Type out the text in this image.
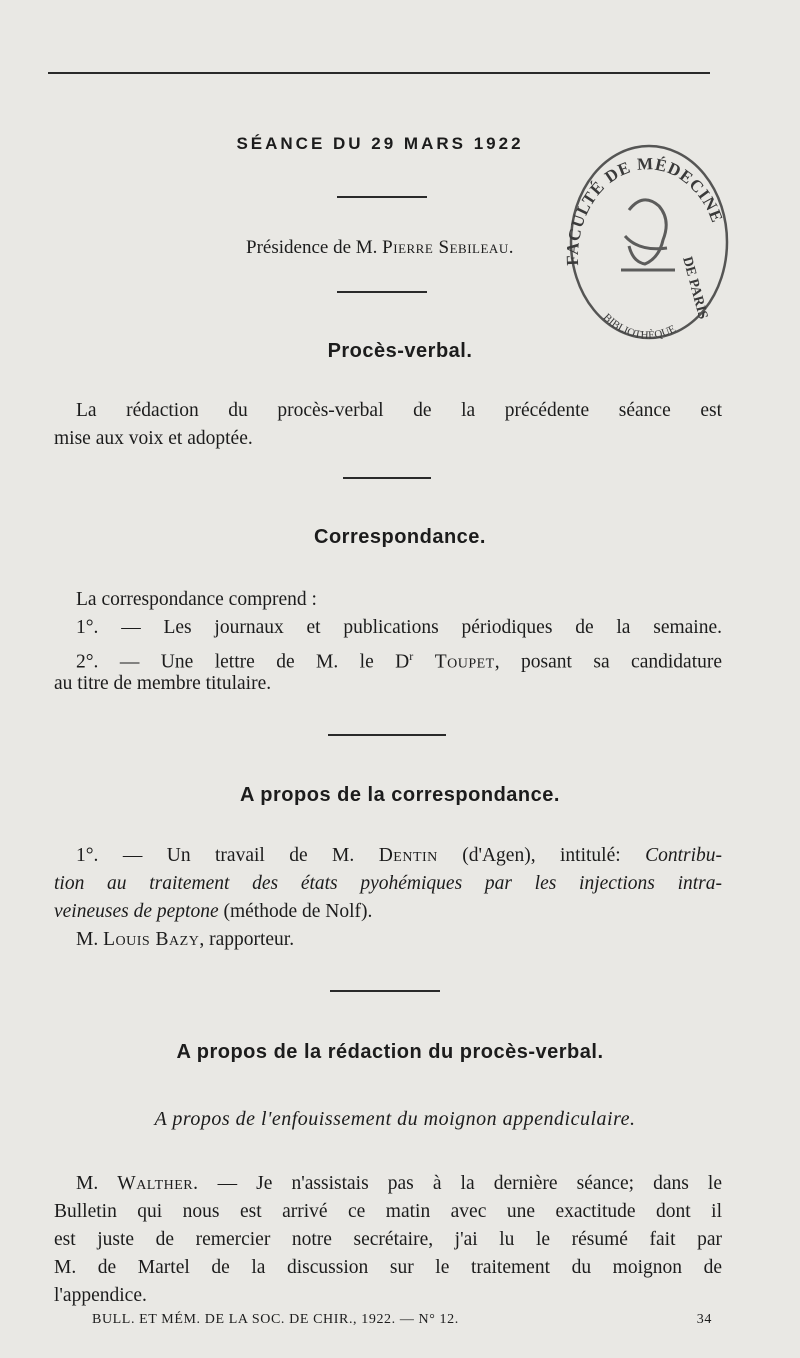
SÉANCE DU 29 MARS 1922
Présidence de M. Pierre Sebileau.
FACULTÉ DE MÉDECINE
DE PARIS
BIBLIOTHÈQUE
Procès-verbal.
La rédaction du procès-verbal de la précédente séance est
mise aux voix et adoptée.
Correspondance.
La correspondance comprend :
1°. — Les journaux et publications périodiques de la semaine.
2°. — Une lettre de M. le $D^r$ Toupet, posant sa candidature
au titre de membre titulaire.
A propos de la correspondance.
1°. — Un travail de M. Dentin (d'Agen), intitulé: Contribu-
tion au traitement des états pyohémiques par les injections intra-
veineuses de peptone (méthode de Nolf).
M. Louis Bazy, rapporteur.
A propos de la rédaction du procès-verbal.
A propos de l'enfouissement du moignon appendiculaire.
M. Walther. — Je n'assistais pas à la dernière séance; dans le
Bulletin qui nous est arrivé ce matin avec une exactitude dont il
est juste de remercier notre secrétaire, j'ai lu le résumé fait par
M. de Martel de la discussion sur le traitement du moignon de
l'appendice.
BULL. ET MÉM. DE LA SOC. DE CHIR., 1922. — N° 12.	34
